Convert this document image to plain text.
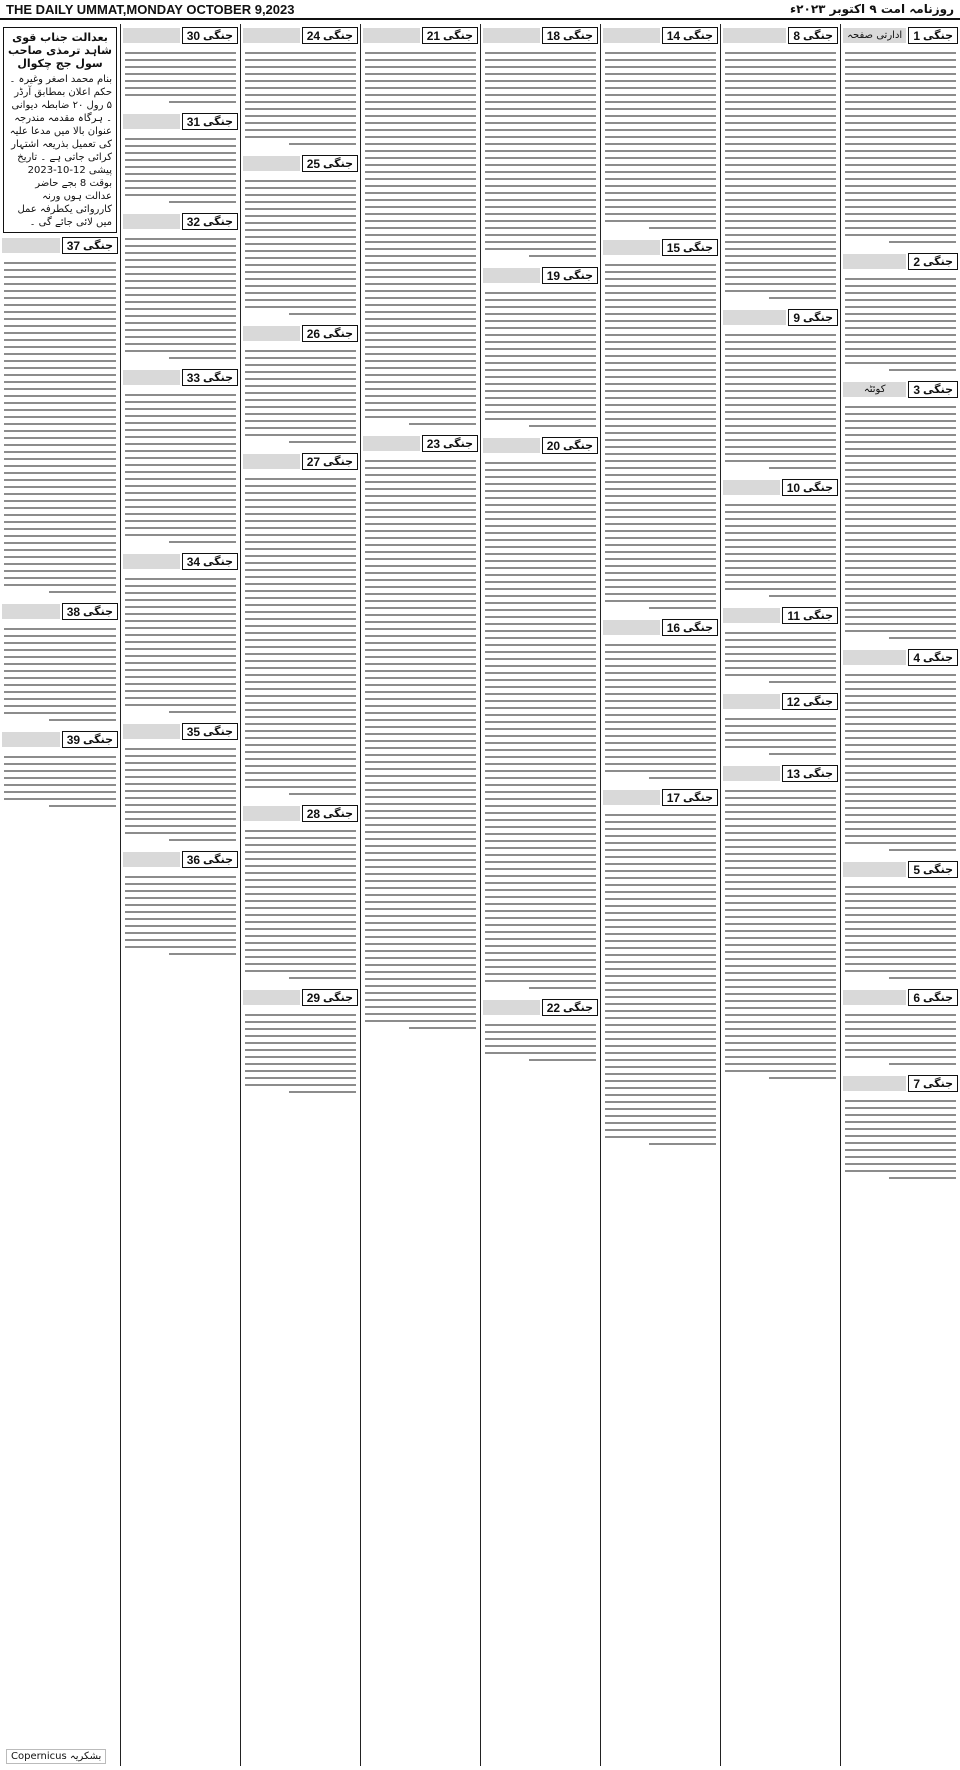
THE DAILY UMMAT,MONDAY OCTOBER 9,2023	روزنامہ امت ۹ اکتوبر ۲۰۲۳ء
جنگی
1
ادارتی صفحہ
جنگی
2
جنگی
3
کوئٹہ
جنگی
4
جنگی
5
جنگی
6
جنگی
7
جنگی
8
جنگی
9
جنگی
10
جنگی
11
جنگی
12
جنگی
13
جنگی
14
جنگی
15
جنگی
16
جنگی
17
جنگی
18
جنگی
19
جنگی
20
جنگی
22
جنگی
21
جنگی
23
جنگی
24
جنگی
25
جنگی
26
جنگی
27
جنگی
28
جنگی
29
جنگی
30
جنگی
31
جنگی
32
جنگی
33
جنگی
34
جنگی
35
جنگی
36
بعدالت جناب قوی شاہد ترمذی صاحب سول جج چکوال
بنام محمد اصغر وغیرہ ۔ حکم اعلان بمطابق آرڈر ۵ رول ۲۰ ضابطہ دیوانی ۔ ہرگاہ مقدمہ مندرجہ عنوان بالا میں مدعا علیہ کی تعمیل بذریعہ اشتہار کرائی جاتی ہے ۔ تاریخ پیشی 12-10-2023 بوقت 8 بجے حاضر عدالت ہوں ورنہ کارروائی یکطرفہ عمل میں لائی جائے گی ۔
جنگی
37
جنگی
38
جنگی
39
بشکریہ Copernicus
